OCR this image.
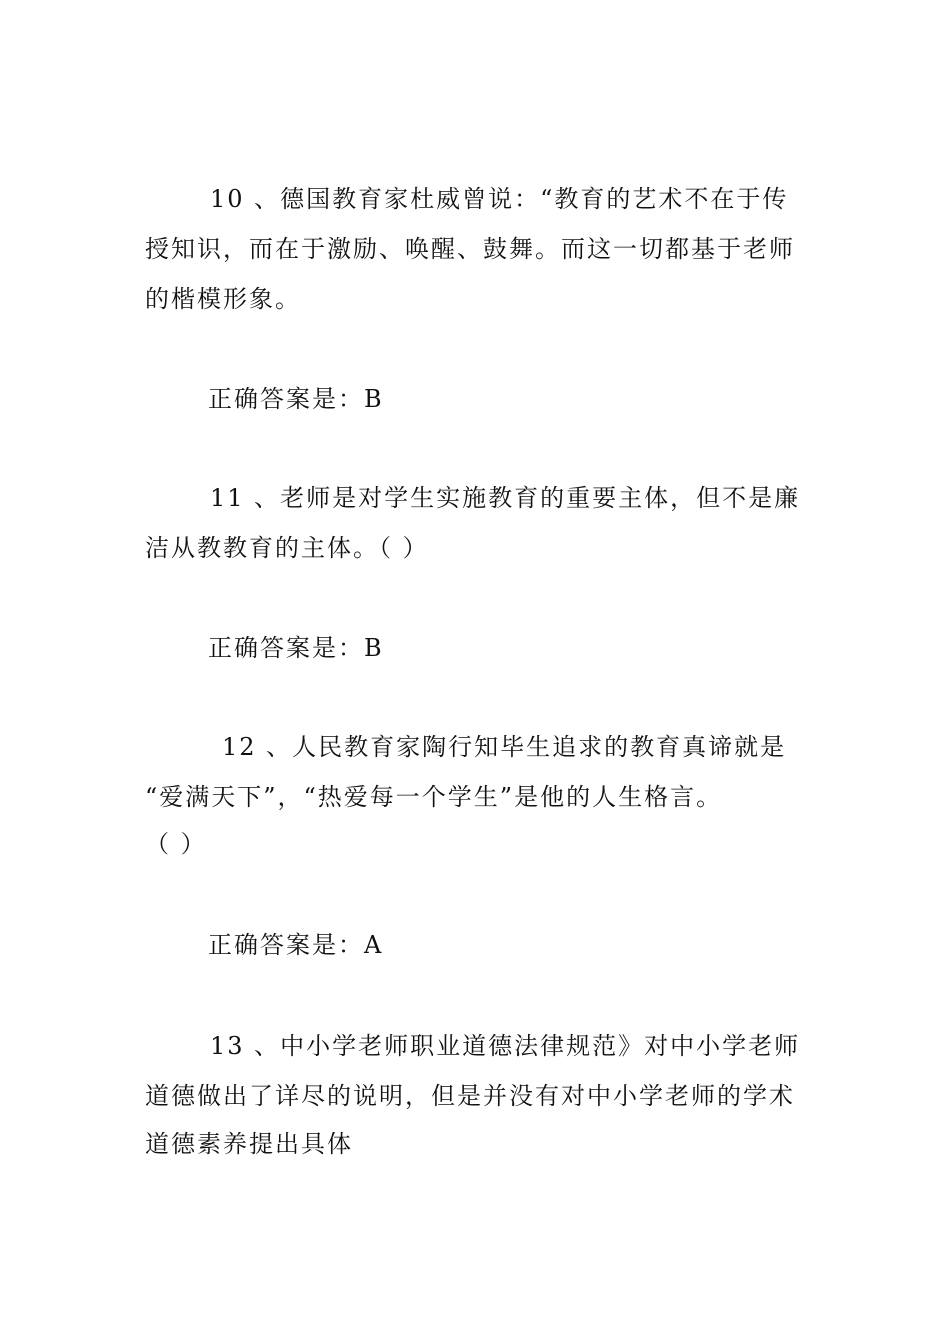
10 、德国教育家杜威曾说：“教育的艺术不在于传
授知识，而在于激励、唤醒、鼓舞。而这一切都基于老师
的楷模形象。
正确答案是：B
11 、老师是对学生实施教育的重要主体，但不是廉
洁从教教育的主体。（ ）
正确答案是：B
12 、人民教育家陶行知毕生追求的教育真谛就是
“爱满天下”，“热爱每一个学生”是他的人生格言。
（ ）
正确答案是：A
13 、中小学老师职业道德法律规范》对中小学老师
道德做出了详尽的说明，但是并没有对中小学老师的学术
道德素养提出具体
